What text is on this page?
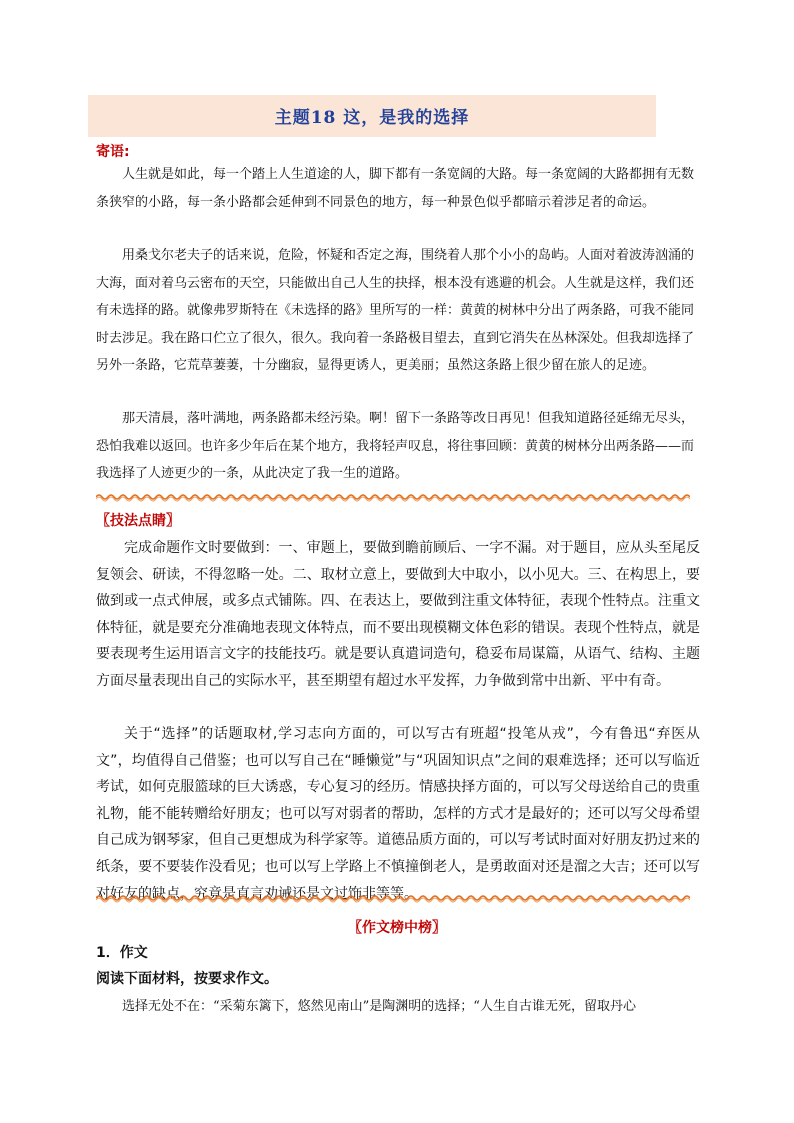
主题18 这，是我的选择
寄语:

人生就是如此，每一个踏上人生道途的人，脚下都有一条宽阔的大路。每一条宽阔的大路都拥有无数条狭窄的小路，每一条小路都会延伸到不同景色的地方，每一种景色似乎都暗示着涉足者的命运。

用桑戈尔老夫子的话来说，危险，怀疑和否定之海，围绕着人那个小小的岛屿。人面对着波涛汹涌的大海，面对着乌云密布的天空，只能做出自己人生的抉择，根本没有逃避的机会。人生就是这样，我们还有未选择的路。就像弗罗斯特在《未选择的路》里所写的一样：黄黄的树林中分出了两条路，可我不能同时去涉足。我在路口伫立了很久，很久。我向着一条路极目望去，直到它消失在丛林深处。但我却选择了另外一条路，它荒草萋萋，十分幽寂，显得更诱人，更美丽；虽然这条路上很少留在旅人的足迹。

那天清晨，落叶满地，两条路都未经污染。啊！留下一条路等改日再见！但我知道路径延绵无尽头，恐怕我难以返回。也许多少年后在某个地方，我将轻声叹息，将往事回顾：黄黄的树林分出两条路——而我选择了人迹更少的一条，从此决定了我一生的道路。

〖技法点睛〗

完成命题作文时要做到：一、审题上，要做到瞻前顾后、一字不漏。对于题目，应从头至尾反复领会、研读，不得忽略一处。二、取材立意上，要做到大中取小，以小见大。三、在构思上，要做到或一点式伸展，或多点式铺陈。四、在表达上，要做到注重文体特征，表现个性特点。注重文体特征，就是要充分准确地表现文体特点，而不要出现模糊文体色彩的错误。表现个性特点，就是要表现考生运用语言文字的技能技巧。就是要认真遣词造句，稳妥布局谋篇，从语气、结构、主题方面尽量表现出自己的实际水平，甚至期望有超过水平发挥，力争做到常中出新、平中有奇。

关于“选择”的话题取材,学习志向方面的，可以写古有班超“投笔从戎”，今有鲁迅“弃医从文”，均值得自己借鉴；也可以写自己在“睡懒觉”与“巩固知识点”之间的艰难选择；还可以写临近考试，如何克服篮球的巨大诱惑，专心复习的经历。情感抉择方面的，可以写父母送给自己的贵重礼物，能不能转赠给好朋友；也可以写对弱者的帮助，怎样的方式才是最好的；还可以写父母希望自己成为钢琴家，但自己更想成为科学家等。道德品质方面的，可以写考试时面对好朋友扔过来的纸条，要不要装作没看见；也可以写上学路上不慎撞倒老人，是勇敢面对还是溜之大吉；还可以写对好友的缺点，究竟是直言劝诫还是文过饰非等等。

〖作文榜中榜〗
1．作文
阅读下面材料，按要求作文。

选择无处不在：“采菊东篱下，悠然见南山”是陶渊明的选择；“人生自古谁无死，留取丹心
